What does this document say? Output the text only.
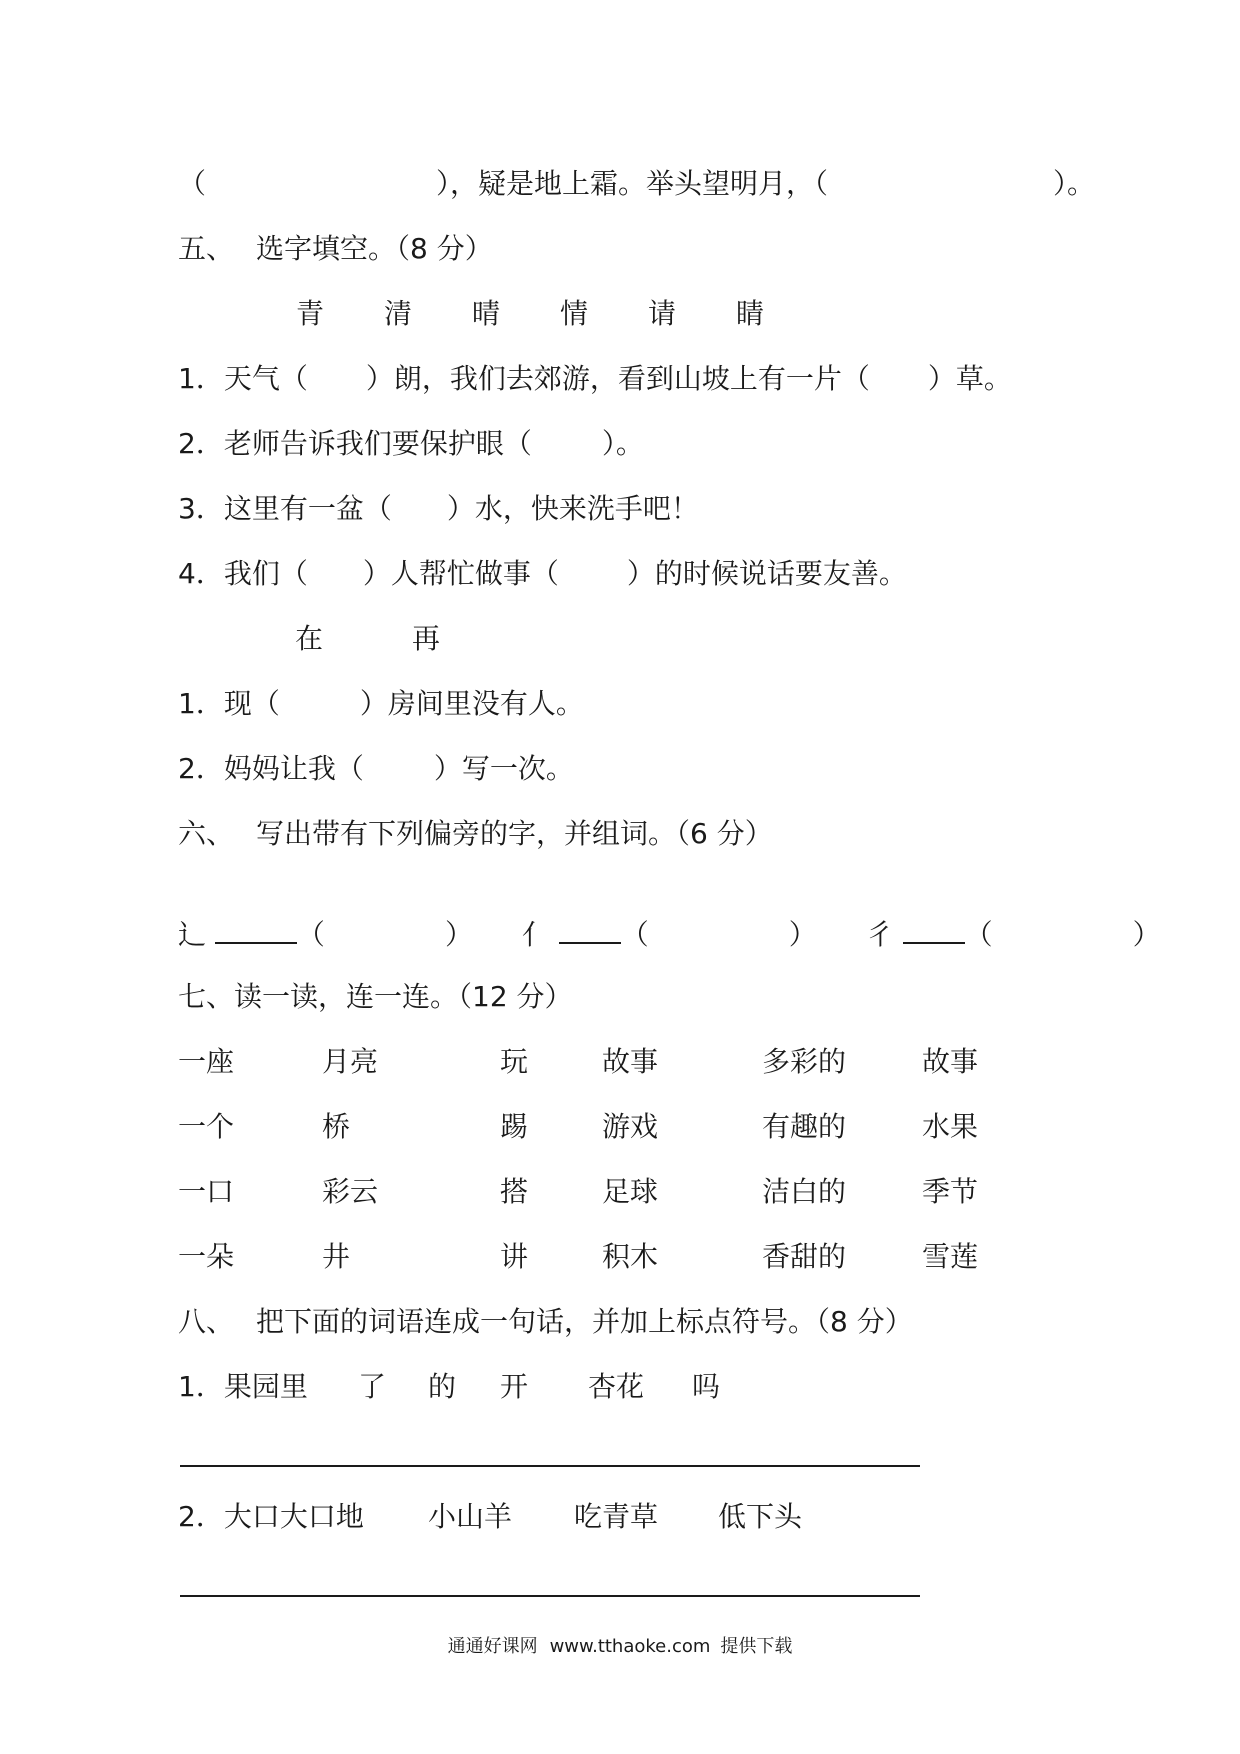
（	），疑是地上霜。举头望明月，（	）。
五、 选字填空。（8 分）
青 清 晴 情 请 睛
1．天气（ ）朗，我们去郊游，看到山坡上有一片（ ）草。
2．老师告诉我们要保护眼（	）。
3．这里有一盆（ ）水，快来洗手吧！
4．我们（ ）人帮忙做事（ ）的时候说话要友善。
在	再
1．现（	）房间里没有人。
2．妈妈让我（	）写一次。
六、 写出带有下列偏旁的字，并组词。（6 分）
辶	（	） 亻	（	） 彳	（	）
七、读一读，连一连。（12 分）
一座	月亮	玩	故事	多彩的	故事
一个	桥	踢	游戏	有趣的	水果
一口	彩云	搭	足球	洁白的	季节
一朵	井	讲	积木	香甜的	雪莲
八、 把下面的词语连成一句话，并加上标点符号。（8 分）
1．果园里 了 的 开 杏花 吗
2．大口大口地 小山羊 吃青草 低下头
通通好课网 www.tthaoke.com 提供下载
